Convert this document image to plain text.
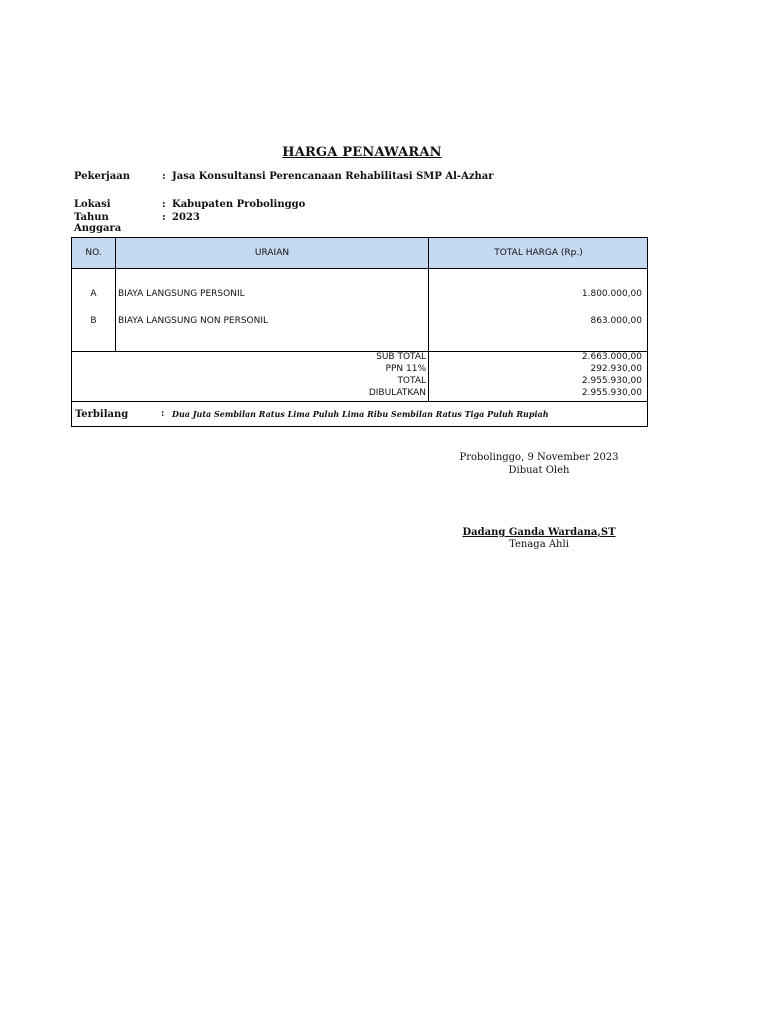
HARGA PENAWARAN
Pekerjaan	: Jasa Konsultansi Perencanaan Rehabilitasi SMP Al-Azhar
Lokasi	: Kabupaten Probolinggo
Tahun Anggara
: 2023
NO.	URAIAN	TOTAL HARGA (Rp.)
A	BIAYA LANGSUNG PERSONIL	1.800.000,00
B	BIAYA LANGSUNG NON PERSONIL	863.000,00
SUB TOTAL	2.663.000,00
PPN 11%	292.930,00
TOTAL	2.955.930,00
DIBULATKAN	2.955.930,00
Terbilang	: Dua Juta Sembilan Ratus Lima Puluh Lima Ribu Sembilan Ratus Tiga Puluh Rupiah
Probolinggo, 9 November 2023
Dibuat Oleh
Dadang Ganda Wardana,ST
Tenaga Ahli
